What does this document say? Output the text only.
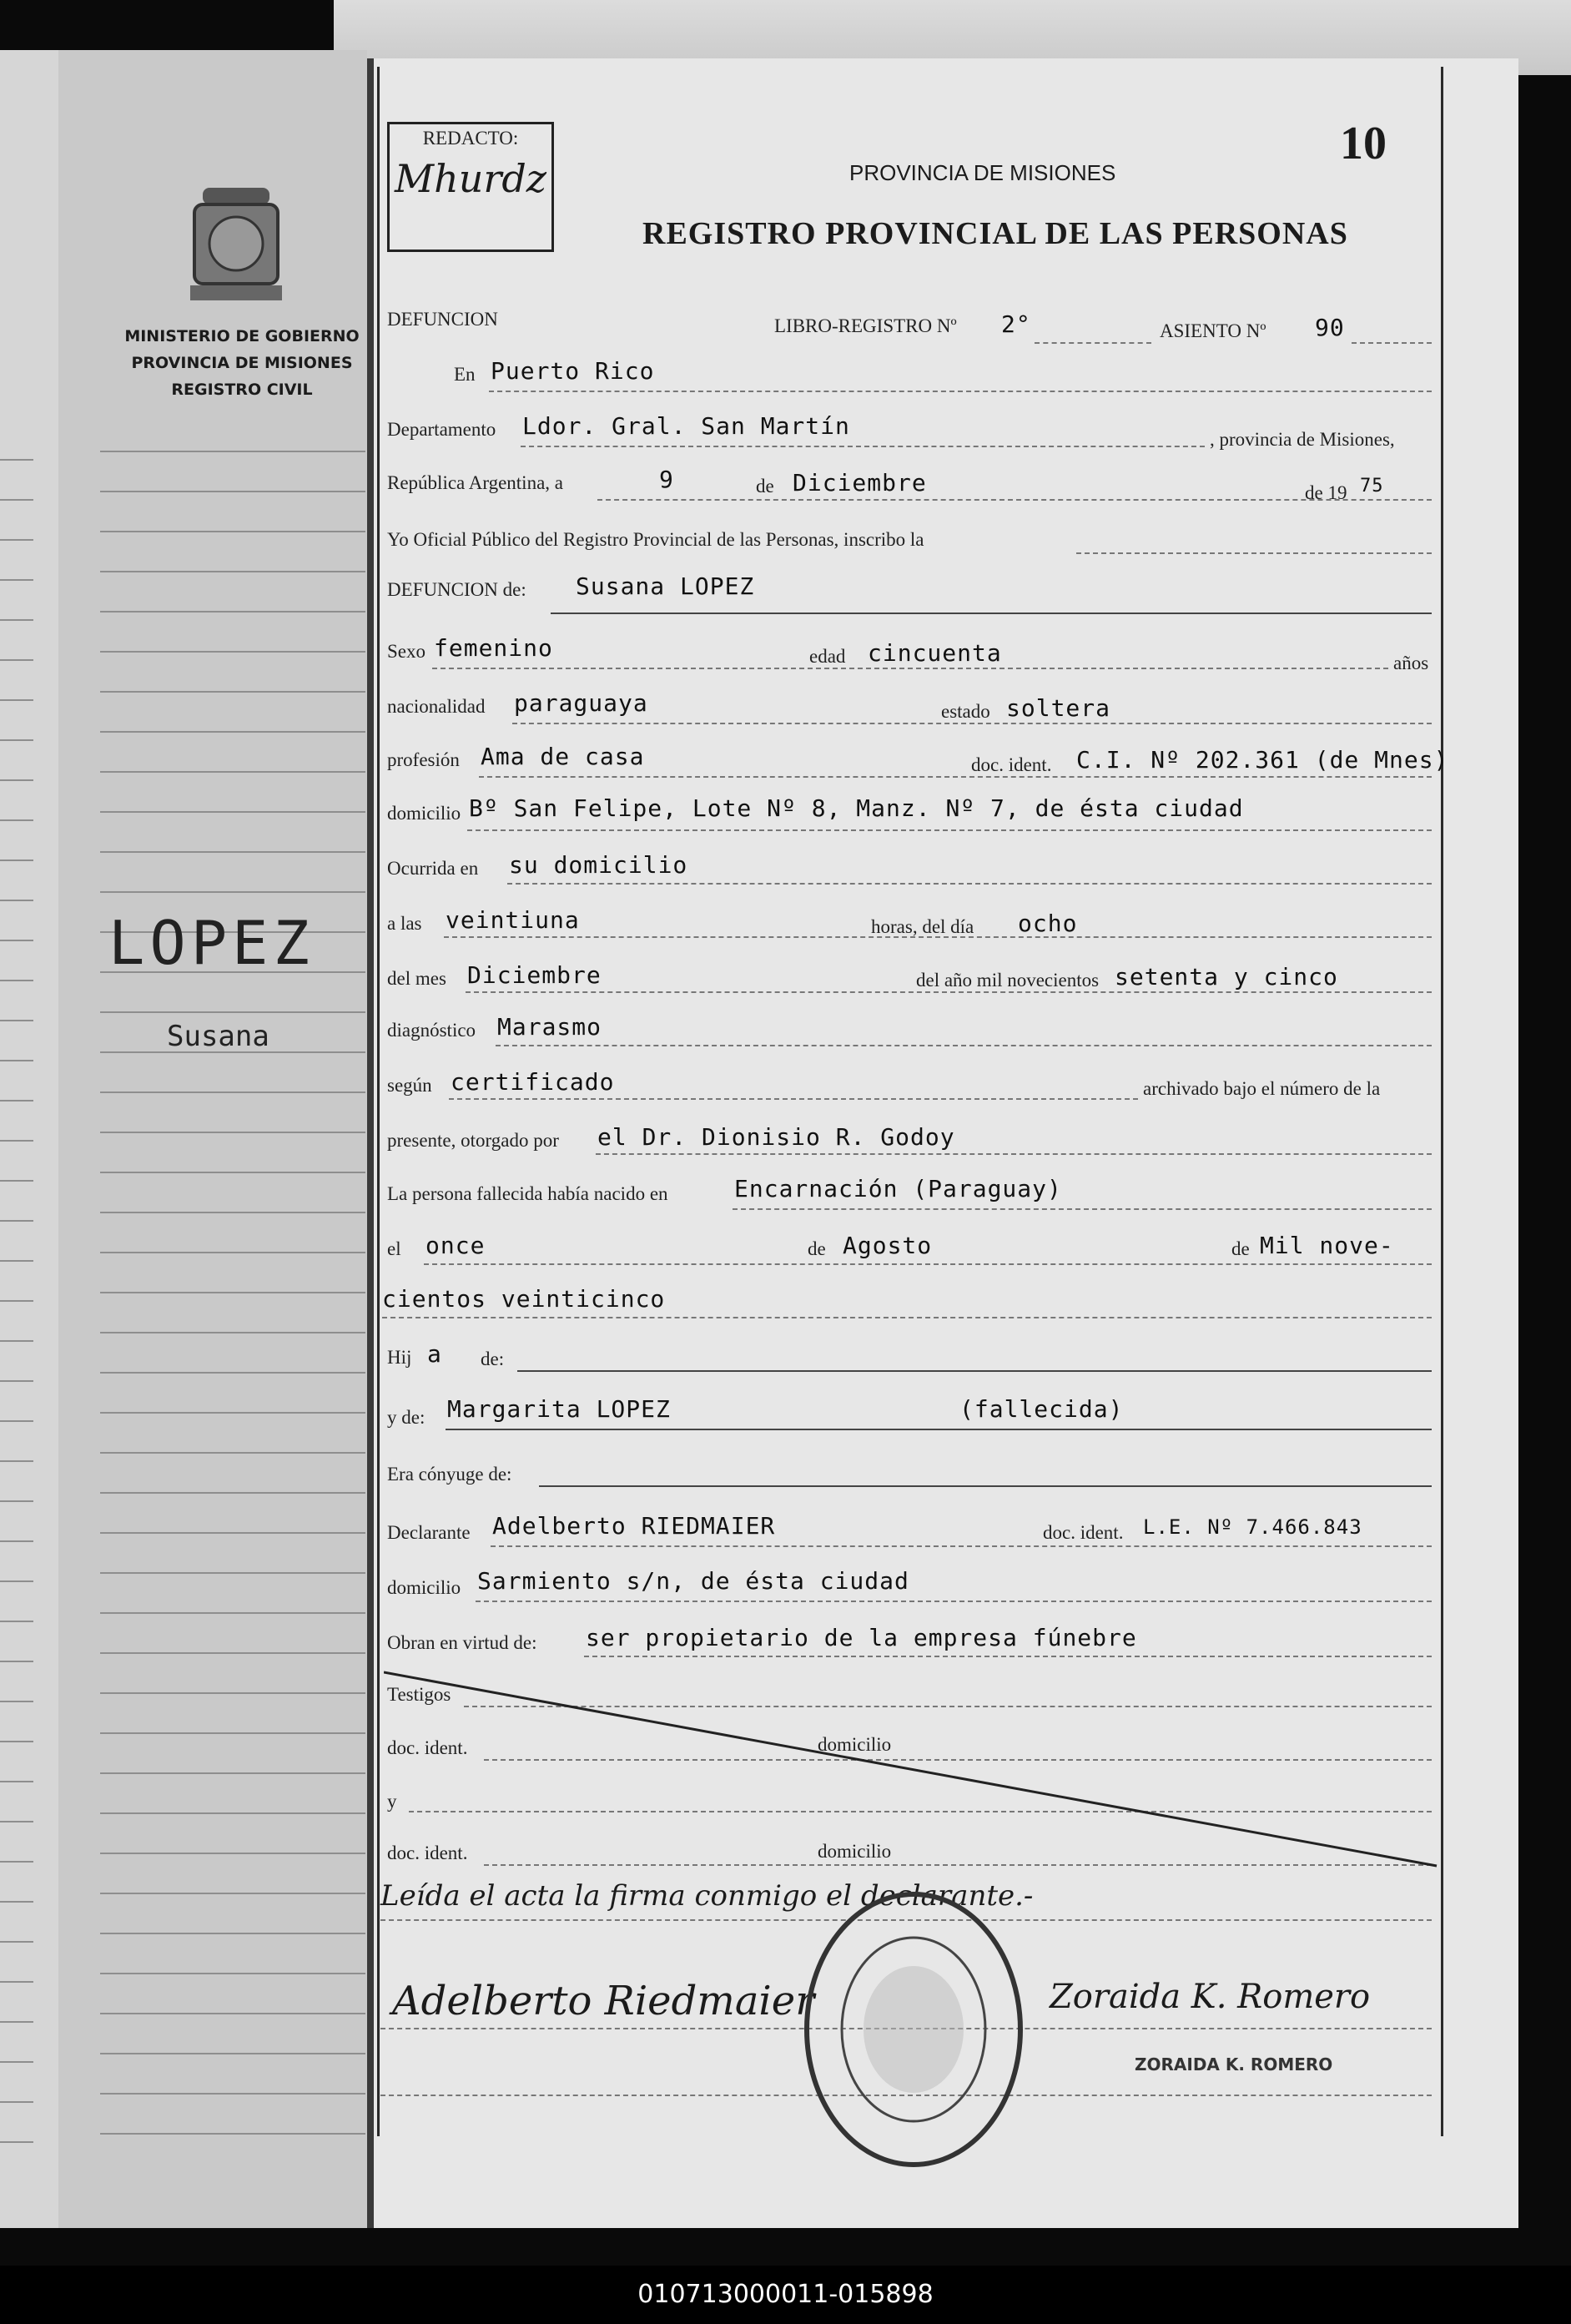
MINISTERIO DE GOBIERNO
PROVINCIA DE MISIONES
REGISTRO CIVIL
LOPEZ
Susana
REDACTO:
Mhurdz
10
PROVINCIA DE MISIONES
REGISTRO PROVINCIAL DE LAS PERSONAS
DEFUNCION	LIBRO-REGISTRO Nº 2°	ASIENTO Nº 90
En Puerto Rico
Departamento Ldor. Gral. San Martín	, provincia de Misiones,
República Argentina, a	9	de Diciembre	de 19 75
Yo Oficial Público del Registro Provincial de las Personas, inscribo la
DEFUNCION de: Susana LOPEZ
Sexo femenino	edad cincuenta	años
nacionalidad paraguaya	estado soltera
profesión Ama de casa	doc. ident. C.I. Nº 202.361 (de Mnes)
domicilio Bº San Felipe, Lote Nº 8, Manz. Nº 7, de ésta ciudad
Ocurrida en su domicilio
a las veintiuna	horas, del día ocho
del mes Diciembre	del año mil novecientos setenta y cinco
diagnóstico Marasmo
según certificado	archivado bajo el número de la
presente, otorgado por el Dr. Dionisio R. Godoy
La persona fallecida había nacido en	Encarnación (Paraguay)
el once	de Agosto	de Mil nove-
cientos veinticinco
Hij a de:
y de: Margarita LOPEZ	(fallecida)
Era cónyuge de:
Declarante Adelberto RIEDMAIER	doc. ident. L.E. Nº 7.466.843
domicilio Sarmiento s/n, de ésta ciudad
Obran en virtud de: ser propietario de la empresa fúnebre
Testigos
doc. ident.	domicilio
y
doc. ident.	domicilio
Leída el acta la firma conmigo el declarante.-
Adelberto Riedmaier	Zoraida K. Romero
ZORAIDA K. ROMERO
010713000011-015898
